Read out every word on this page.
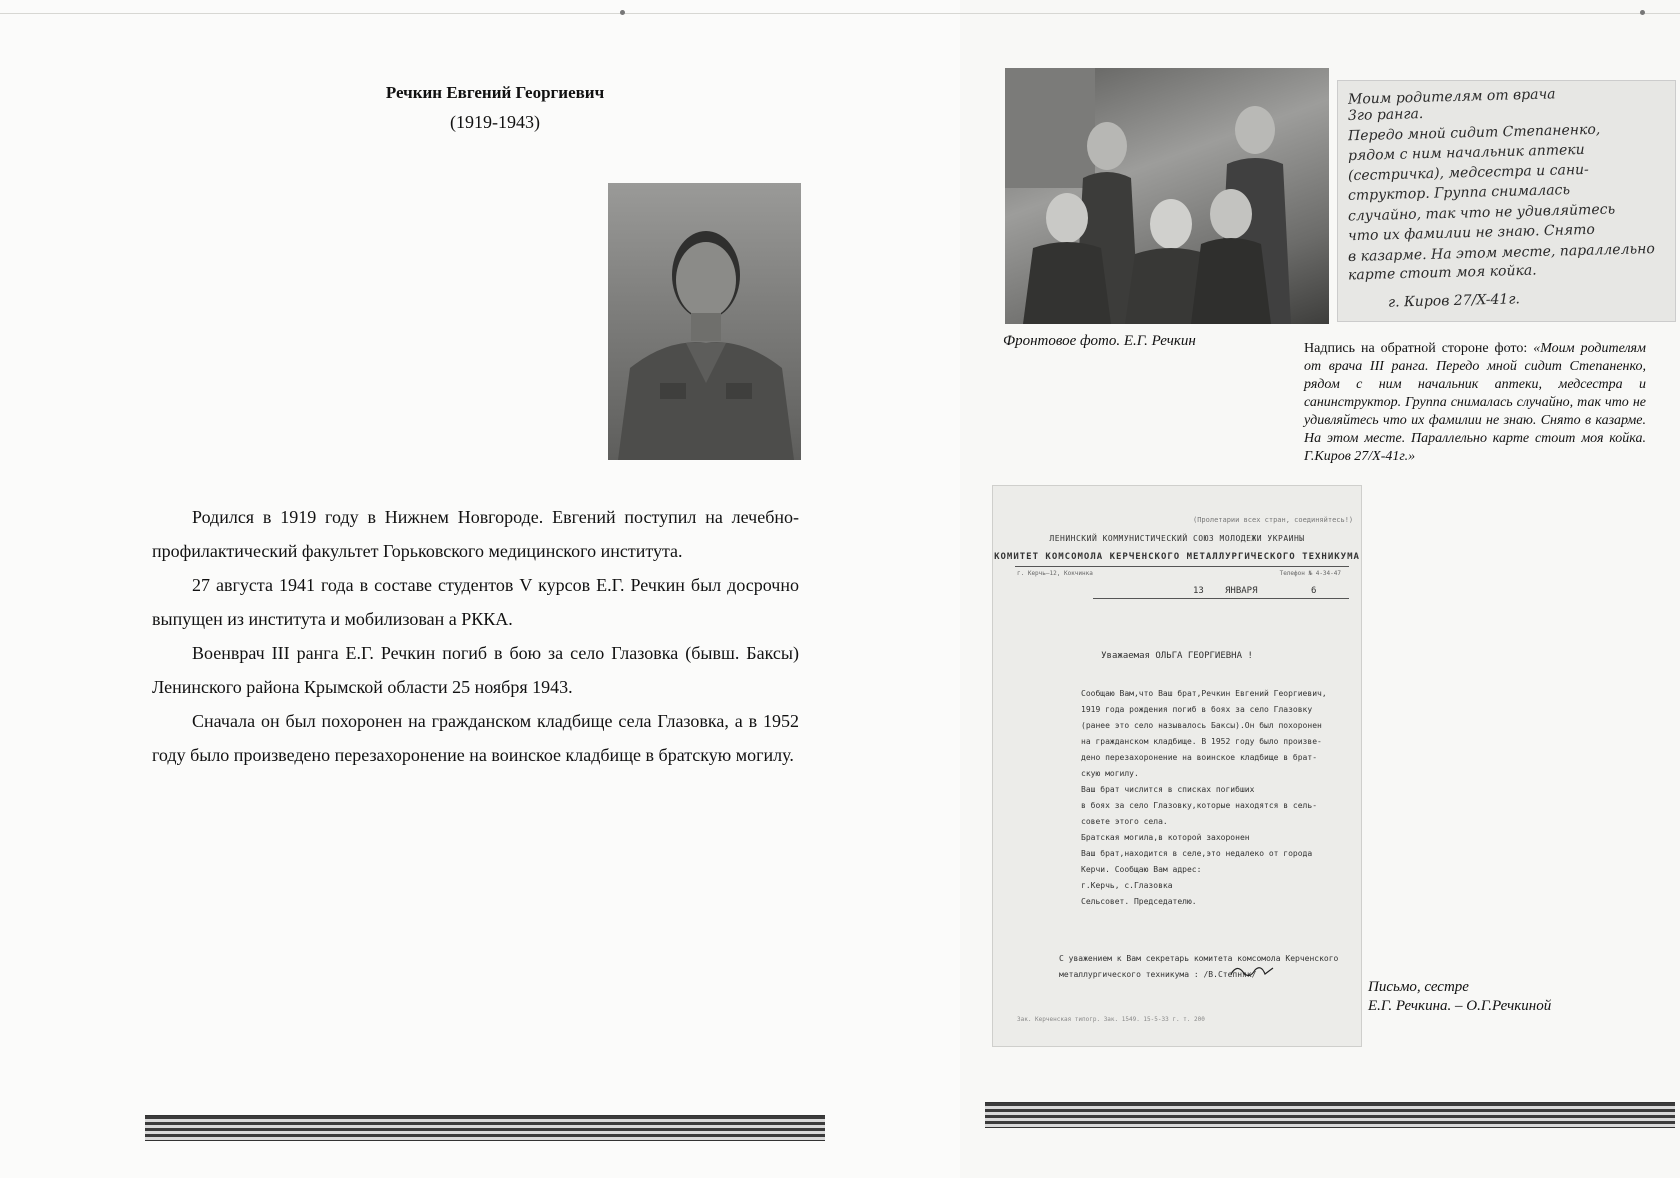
Речкин Евгений Георгиевич
(1919-1943)

Родился в 1919 году в Нижнем Новгороде. Евгений поступил на лечебно-профилактический факультет Горьковского медицинского института.

27 августа 1941 года в составе студентов V курсов Е.Г. Речкин был досрочно выпущен из института и мобилизован а РККА.

Военврач III ранга Е.Г. Речкин погиб в бою за село Глазовка (бывш. Баксы) Ленинского района Крымской области 25 ноября 1943.

Сначала он был похоронен на гражданском кладбище села Глазовка, а в 1952 году было произведено перезахоронение на воинское кладбище в братскую могилу.

Моим родителям от врача
3го ранга.
Передо мной сидит Степаненко,
рядом с ним начальник аптеки
(сестричка), медсестра и сани-
структор. Группа снималась
случайно, так что не удивляйтесь
что их фамилии не знаю. Снято
в казарме. На этом месте, параллельно
карте стоит моя койка.
г. Киров 27/X-41г.
Фронтовое фото. Е.Г. Речкин	Надпись на обратной стороне фото: «Моим родителям от врача III ранга. Передо мной сидит Степаненко, рядом с ним начальник аптеки, медсестра и санинструктор. Группа снималась случайно, так что не удивляйтесь что их фамилии не знаю. Снято в казарме. На этом месте. Параллельно карте стоит моя койка. Г.Киров 27/X-41г.»
(Пролетарии всех стран, соединяйтесь!)
ЛЕНИНСКИЙ КОММУНИСТИЧЕСКИЙ СОЮЗ МОЛОДЕЖИ УКРАИНЫ
КОМИТЕТ КОМСОМОЛА КЕРЧЕНСКОГО МЕТАЛЛУРГИЧЕСКОГО ТЕХНИКУМА
г. Керчь—12, Кокчинка	Телефон № 4-34-47
13 ЯНВАРЯ	6
Уважаемая ОЛЬГА ГЕОРГИЕВНА !
Сообщаю Вам,что Ваш брат,Речкин Евгений Георгиевич,
1919 года рождения погиб в боях за село Глазовку
(ранее это село называлось Баксы).Он был похоронен
на гражданском кладбище. В 1952 году было произве-
дено перезахоронение на воинское кладбище в брат-
скую могилу.
Ваш брат числится в списках погибших
в боях за село Глазовку,которые находятся в сель-
совете этого села.
Братская могила,в которой захоронен
Ваш брат,находится в селе,это недалеко от города
Керчи. Сообщаю Вам адрес:
г.Керчь, с.Глазовка
Сельсовет. Председателю.
С уважением к Вам секретарь комитета комсомола Керченского
металлургического техникума : /В.Степняк/
Зак. Керченская типогр. Зак. 1549. 15-5-33 г. т. 200
Письмо, сестре
Е.Г. Речкина. – О.Г.Речкиной
